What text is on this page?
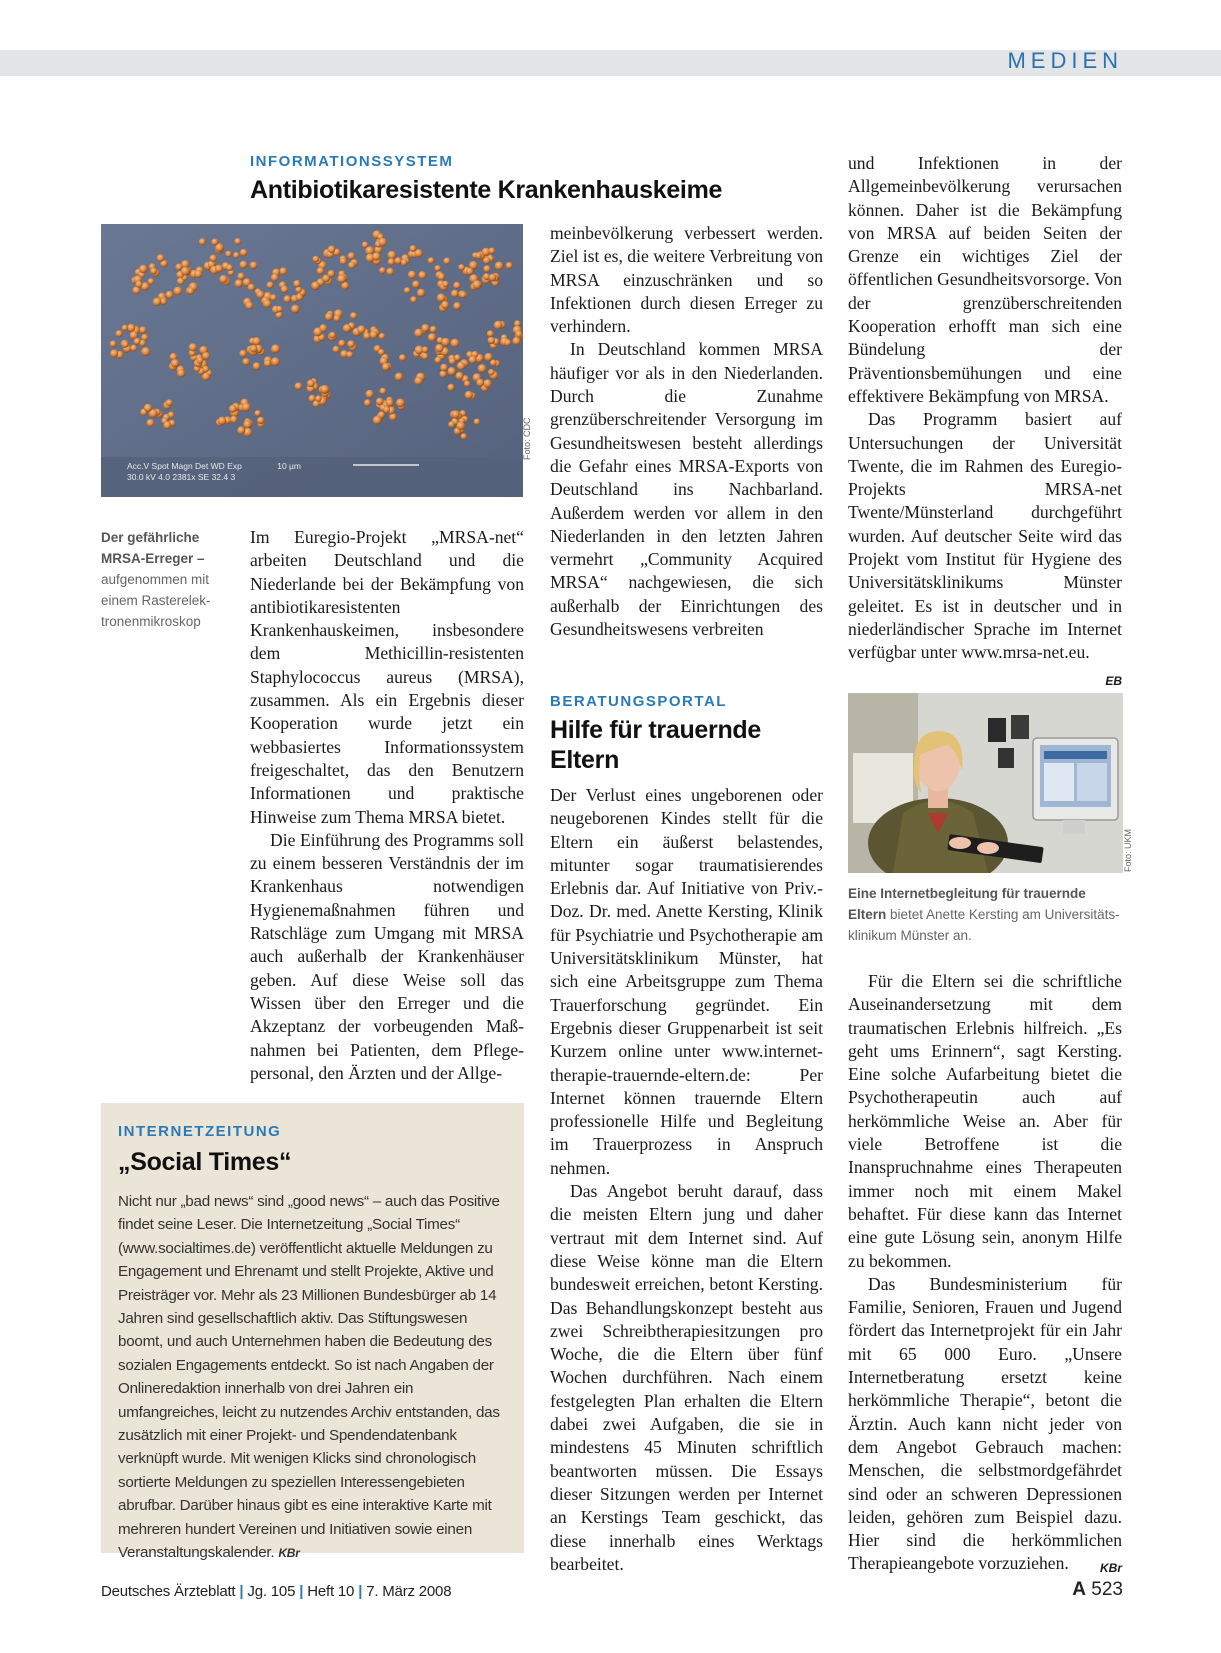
MEDIEN
INFORMATIONSSYSTEM
Antibiotikaresistente Krankenhauskeime
Acc.V Spot Magn Det WD Exp               10 µm
30.0 kV 4.0 2381x SE 32.4 3
Foto: CDC
Der gefährliche MRSA-Erreger –
aufgenommen mit einem Rasterelek-tronenmikroskop

Im Euregio-Projekt „MRSA-net“ arbeiten Deutschland und die Niederlande bei der Bekämpfung von antibiotikaresistenten Krankenhauskeimen, insbesondere dem Methicillin-resistenten Staphylococcus aureus (MRSA), zusammen. Als ein Ergebnis dieser Kooperation wurde jetzt ein webbasiertes Informationssystem freigeschaltet, das den Benutzern Informationen und praktische Hinweise zum Thema MRSA bietet.

Die Einführung des Programms soll zu einem besseren Verständnis der im Krankenhaus notwendigen Hygienemaßnahmen führen und Ratschläge zum Umgang mit MRSA auch außerhalb der Krankenhäuser geben. Auf diese Weise soll das Wissen über den Erreger und die Akzeptanz der vorbeugenden Maßnahmen bei Patienten, dem Pflegepersonal, den Ärzten und der Allge-

meinbevölkerung verbessert werden. Ziel ist es, die weitere Verbreitung von MRSA einzuschränken und so Infektionen durch diesen Erreger zu verhindern.

In Deutschland kommen MRSA häufiger vor als in den Niederlanden. Durch die Zunahme grenzüberschreitender Versorgung im Gesundheitswesen besteht allerdings die Gefahr eines MRSA-Exports von Deutschland ins Nachbarland. Außerdem werden vor allem in den Niederlanden in den letzten Jahren vermehrt „Community Acquired MRSA“ nachgewiesen, die sich außerhalb der Einrichtungen des Gesundheitswesens verbreiten

und Infektionen in der Allgemeinbevölkerung verursachen können. Daher ist die Bekämpfung von MRSA auf beiden Seiten der Grenze ein wichtiges Ziel der öffentlichen Gesundheitsvorsorge. Von der grenzüberschreitenden Kooperation erhofft man sich eine Bündelung der Präventionsbemühungen und eine effektivere Bekämpfung von MRSA.

Das Programm basiert auf Untersuchungen der Universität Twente, die im Rahmen des Euregio-Projekts MRSA-net Twente/Münsterland durchgeführt wurden. Auf deutscher Seite wird das Projekt vom Institut für Hygiene des Universitätsklinikums Münster geleitet. Es ist in deutscher und in niederländischer Sprache im Internet verfügbar unter www.mrsa-net.eu.
EB

INTERNETZEITUNG
„Social Times“
Nicht nur „bad news“ sind „good news“ – auch das Positive findet seine Leser. Die Internetzeitung „Social Times“ (www.socialtimes.de) veröffentlicht aktuelle Meldungen zu Engagement und Ehrenamt und stellt Projekte, Aktive und Preisträger vor. Mehr als 23 Millionen Bundesbürger ab 14 Jahren sind gesellschaftlich aktiv. Das Stiftungswesen boomt, und auch Unternehmen haben die Bedeutung des sozialen Engagements entdeckt. So ist nach Angaben der Onlineredaktion innerhalb von drei Jahren ein umfangreiches, leicht zu nutzendes Archiv entstanden, das zusätzlich mit einer Projekt- und Spendendatenbank verknüpft wurde. Mit wenigen Klicks sind chronologisch sortierte Meldungen zu speziellen Interessengebieten abrufbar. Darüber hinaus gibt es eine interaktive Karte mit mehreren hundert Vereinen und Initiativen sowie einen Veranstaltungskalender. KBr
BERATUNGSPORTAL
Hilfe für trauernde Eltern

Der Verlust eines ungeborenen oder neugeborenen Kindes stellt für die Eltern ein äußerst belastendes, mitunter sogar traumatisierendes Erlebnis dar. Auf Initiative von Priv.-Doz. Dr. med. Anette Kersting, Klinik für Psychiatrie und Psychotherapie am Universitätsklinikum Münster, hat sich eine Arbeitsgruppe zum Thema Trauerforschung gegründet. Ein Ergebnis dieser Gruppenarbeit ist seit Kurzem online unter www.internet-therapie-trauernde-eltern.de: Per Internet können trauernde Eltern professionelle Hilfe und Begleitung im Trauerprozess in Anspruch nehmen.

Das Angebot beruht darauf, dass die meisten Eltern jung und daher vertraut mit dem Internet sind. Auf diese Weise könne man die Eltern bundesweit erreichen, betont Kersting. Das Behandlungskonzept besteht aus zwei Schreibtherapiesitzungen pro Woche, die die Eltern über fünf Wochen durchführen. Nach einem festgelegten Plan erhalten die Eltern dabei zwei Aufgaben, die sie in mindestens 45 Minuten schriftlich beantworten müssen. Die Essays dieser Sitzungen werden per Internet an Kerstings Team geschickt, das diese innerhalb eines Werktags bearbeitet.

Foto: UKM
Eine Internetbegleitung für trauernde Eltern bietet Anette Kersting am Universitätsklinikum Münster an.

Für die Eltern sei die schriftliche Auseinandersetzung mit dem traumatischen Erlebnis hilfreich. „Es geht ums Erinnern“, sagt Kersting. Eine solche Aufarbeitung bietet die Psychotherapeutin auch auf herkömmliche Weise an. Aber für viele Betroffene ist die Inanspruchnahme eines Therapeuten immer noch mit einem Makel behaftet. Für diese kann das Internet eine gute Lösung sein, anonym Hilfe zu bekommen.

Das Bundesministerium für Familie, Senioren, Frauen und Jugend fördert das Internetprojekt für ein Jahr mit 65 000 Euro. „Unsere Internetberatung ersetzt keine herkömmliche Therapie“, betont die Ärztin. Auch kann nicht jeder von dem Angebot Gebrauch machen: Menschen, die selbstmordgefährdet sind oder an schweren Depressionen leiden, gehören zum Beispiel dazu. Hier sind die herkömmlichen Therapieangebote vorzuziehen.	KBr

Deutsches Ärzteblatt | Jg. 105 | Heft 10 | 7. März 2008	A 523
